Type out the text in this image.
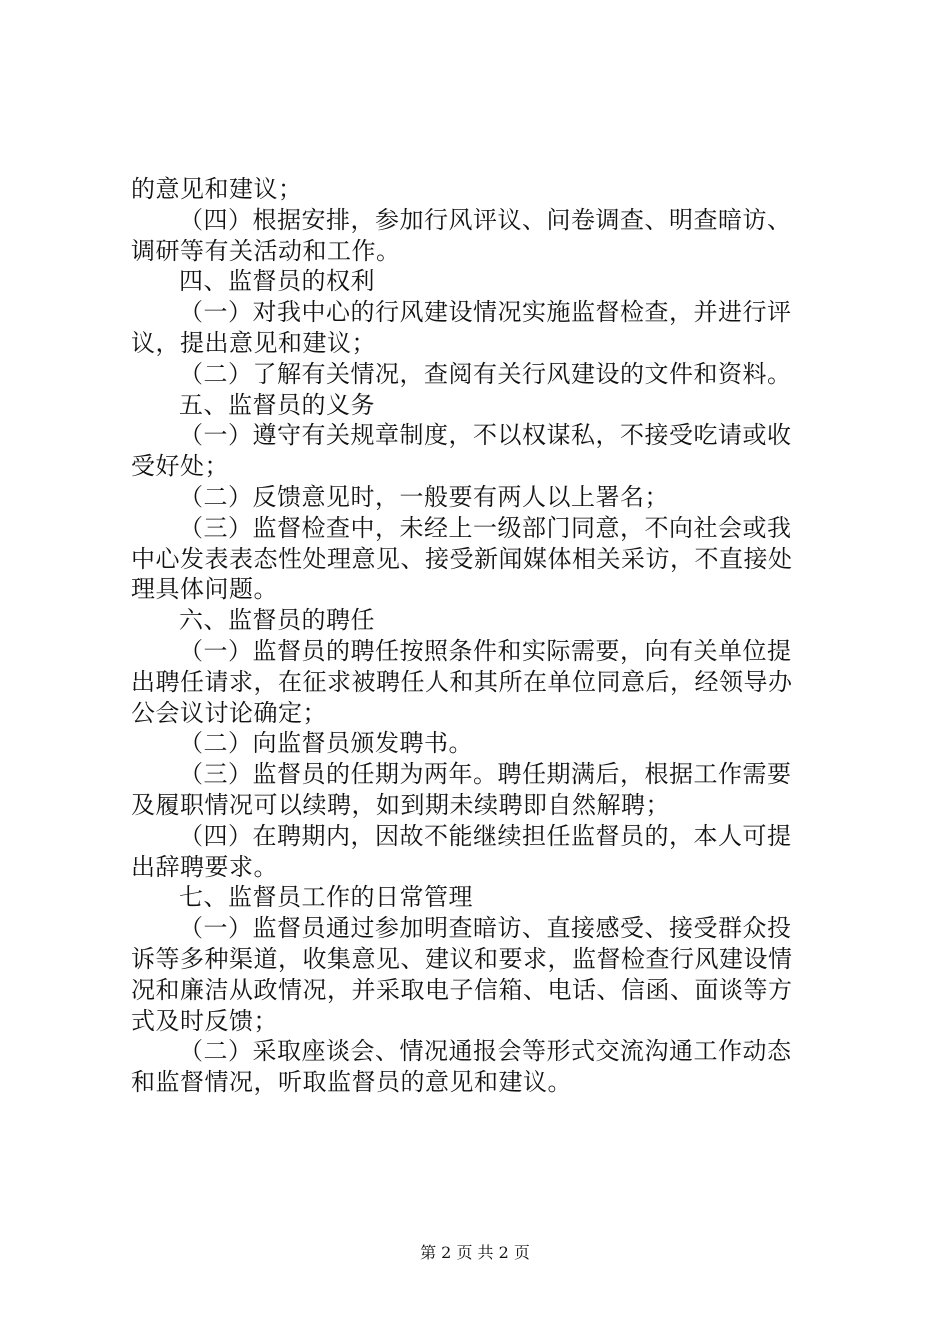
的意见和建议；
（四）根据安排，参加行风评议、问卷调查、明查暗访、
调研等有关活动和工作。
四、监督员的权利
（一）对我中心的行风建设情况实施监督检查，并进行评
议，提出意见和建议；
（二）了解有关情况，查阅有关行风建设的文件和资料。
五、监督员的义务
（一）遵守有关规章制度，不以权谋私，不接受吃请或收
受好处；
（二）反馈意见时，一般要有两人以上署名；
（三）监督检查中，未经上一级部门同意，不向社会或我
中心发表表态性处理意见、接受新闻媒体相关采访，不直接处
理具体问题。
六、监督员的聘任
（一）监督员的聘任按照条件和实际需要，向有关单位提
出聘任请求，在征求被聘任人和其所在单位同意后，经领导办
公会议讨论确定；
（二）向监督员颁发聘书。
（三）监督员的任期为两年。聘任期满后，根据工作需要
及履职情况可以续聘，如到期未续聘即自然解聘；
（四）在聘期内，因故不能继续担任监督员的，本人可提
出辞聘要求。
七、监督员工作的日常管理
（一）监督员通过参加明查暗访、直接感受、接受群众投
诉等多种渠道，收集意见、建议和要求，监督检查行风建设情
况和廉洁从政情况，并采取电子信箱、电话、信函、面谈等方
式及时反馈；
（二）采取座谈会、情况通报会等形式交流沟通工作动态
和监督情况，听取监督员的意见和建议。
第 2 页 共 2 页
